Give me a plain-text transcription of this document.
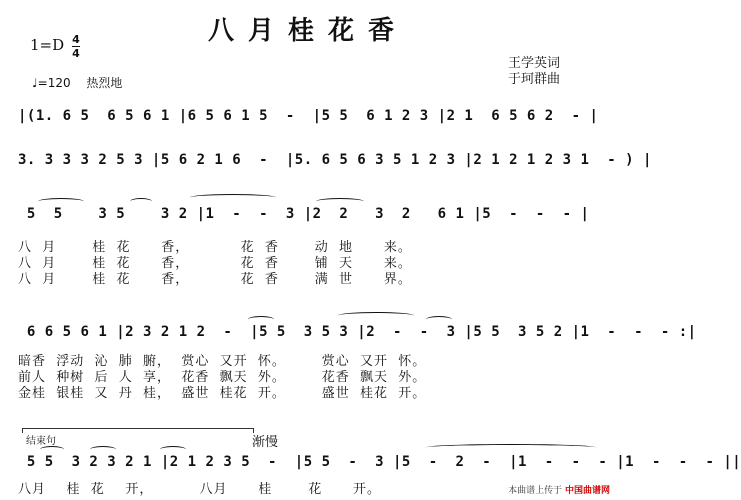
八月桂花香
1=D 4
4
♩=120　 热烈地
王学英词
于珂群曲
|(1. 6 5  6 5 6 1 |6 5 6 1 5  -  |5 5  6 1 2 3 |2 1  6 5 6 2  - |
3. 3 3 3 2 5 3 |5 6 2 1 6  -  |5. 6 5 6 3 5 1 2 3 |2 1 2 1 2 3 1  - ) |
5  5    3 5    3 2 |1  -  -  3 |2  2   3  2   6 1 |5  -  -  - |
八  月       桂  花      香，          花  香       动  地      来。
八  月       桂  花      香，          花  香       铺  天      来。
八  月       桂  花      香，          花  香       满  世      界。
6 6 5 6 1 |2 3 2 1 2  -  |5 5  3 5 3 |2  -  -  3 |5 5  3 5 2 |1  -  -  - :|
暗香  浮动  沁  肺  腑，  赏心  又开  怀。       赏心  又开  怀。
前人  种树  后  人  享，  花香  飘天  外。       花香  飘天  外。
金桂  银桂  又  丹  桂，  盛世  桂花  开。       盛世  桂花  开。
结束句	渐慢
5 5  3 2 3 2 1 |2 1 2 3 5  -  |5 5  -  3 |5  -  2  -  |1  -  -  - |1  -  -  - ||
八月    桂  花    开，         八月      桂       花      开。	本曲谱上传于 中国曲谱网
